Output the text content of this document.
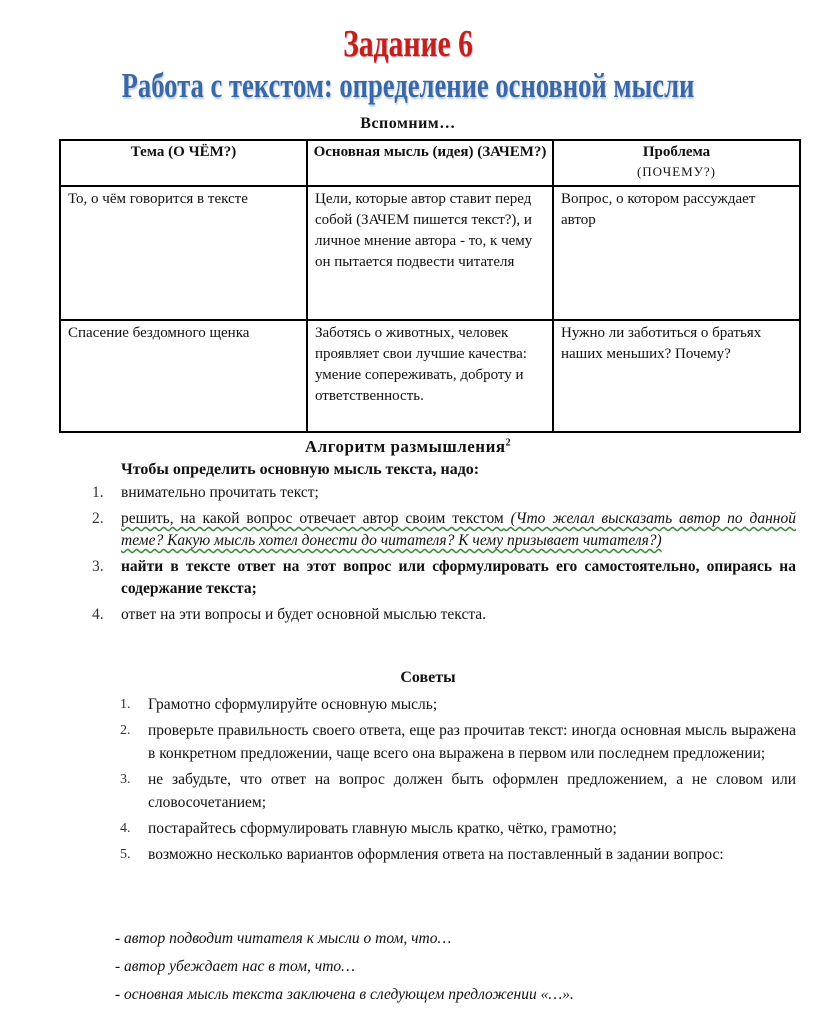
Задание 6
Работа с текстом: определение основной мысли
Вспомним…
Тема (О ЧЁМ?)	Основная мысль (идея) (ЗАЧЕМ?)	Проблема
(ПОЧЕМУ?)

То, о чём говорится в тексте	Цели, которые автор ставит перед собой (ЗАЧЕМ пишется текст?), и личное мнение автора - то, к чему он пытается подвести читателя	Вопрос, о котором рассуждает автор
Спасение бездомного щенка	Заботясь о животных, человек проявляет свои лучшие качества: умение сопереживать, доброту и ответственность.	Нужно ли заботиться о братьях наших меньших? Почему?
Алгоритм размышления$^2$
Чтобы определить основную мысль текста, надо:
1. внимательно прочитать текст;
2. решить, на какой вопрос отвечает автор своим текстом (Что желал высказать автор по данной теме? Какую мысль хотел донести до читателя? К чему призывает читателя?)
3. найти в тексте ответ на этот вопрос или сформулировать его самостоятельно, опираясь на содержание текста;
4. ответ на эти вопросы и будет основной мыслью текста.
Советы
1. Грамотно сформулируйте основную мысль;
2. проверьте правильность своего ответа, еще раз прочитав текст: иногда основная мысль выражена в конкретном предложении, чаще всего она выражена в первом или последнем предложении;
3. не забудьте, что ответ на вопрос должен быть оформлен предложением, а не словом или словосочетанием;
4. постарайтесь сформулировать главную мысль кратко, чётко, грамотно;
5. возможно несколько вариантов оформления ответа на поставленный в задании вопрос:
- автор подводит читателя к мысли о том, что…
- автор убеждает нас в том, что…
- основная мысль текста заключена в следующем предложении «…».
